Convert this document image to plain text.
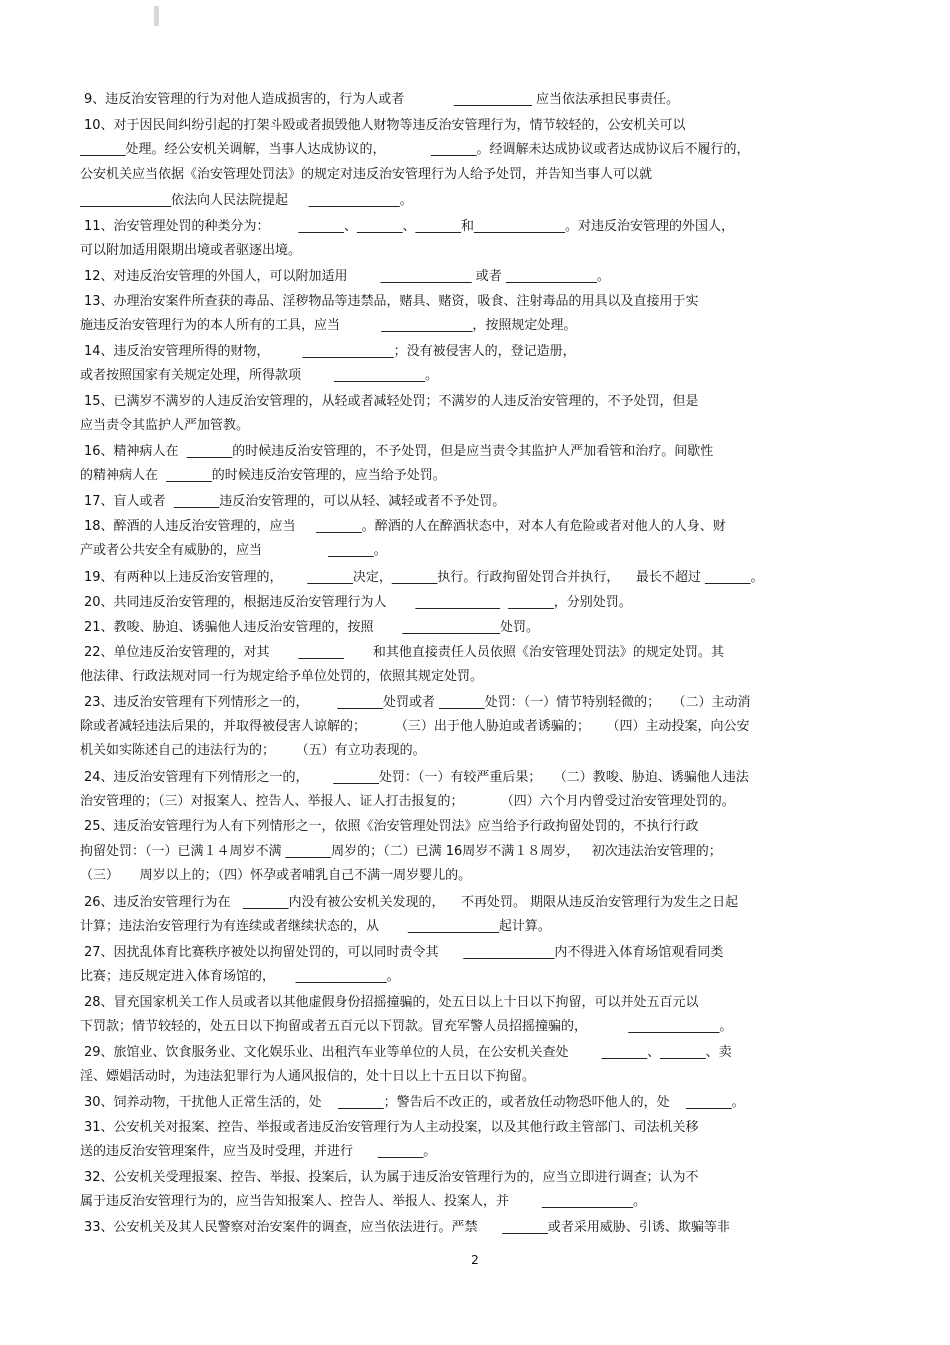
9、违反治安管理的行为对他人造成损害的，行为人或者            ____________ 应当依法承担民事责任。
10、对于因民间纠纷引起的打架斗殴或者损毁他人财物等违反治安管理行为，情节较轻的，公安机关可以
_______处理。经公安机关调解，当事人达成协议的，           _______。经调解未达成协议或者达成协议后不履行的，
公安机关应当依据《治安管理处罚法》的规定对违反治安管理行为人给予处罚，并告知当事人可以就
______________依法向人民法院提起     ______________。
11、治安管理处罚的种类分为：       _______、_______、_______和______________。对违反治安管理的外国人，
可以附加适用限期出境或者驱逐出境。
12、对违反治安管理的外国人，可以附加适用        ______________ 或者 ______________。
13、办理治安案件所查获的毒品、淫秽物品等违禁品，赌具、赌资，吸食、注射毒品的用具以及直接用于实
施违反治安管理行为的本人所有的工具，应当          ______________，按照规定处理。
14、违反治安管理所得的财物，        ______________；没有被侵害人的，登记造册，
或者按照国家有关规定处理，所得款项        ______________。
15、已满岁不满岁的人违反治安管理的，从轻或者减轻处罚；不满岁的人违反治安管理的，不予处罚，但是
应当责令其监护人严加管教。
16、精神病人在  _______的时候违反治安管理的，不予处罚，但是应当责令其监护人严加看管和治疗。间歇性
的精神病人在  _______的时候违反治安管理的，应当给予处罚。
17、盲人或者  _______违反治安管理的，可以从轻、减轻或者不予处罚。
18、醉酒的人违反治安管理的，应当     _______。醉酒的人在醉酒状态中，对本人有危险或者对他人的人身、财
产或者公共安全有威胁的，应当                _______。
19、有两种以上违反治安管理的，      _______决定，_______执行。行政拘留处罚合并执行，    最长不超过 _______。
20、共同违反治安管理的，根据违反治安管理行为人       _____________  _______，分别处罚。
21、教唆、胁迫、诱骗他人违反治安管理的，按照       _______________处罚。
22、单位违反治安管理的，对其       _______       和其他直接责任人员依照《治安管理处罚法》的规定处罚。其
他法律、行政法规对同一行为规定给予单位处罚的，依照其规定处罚。
23、违反治安管理有下列情形之一的，       _______处罚或者 _______处罚：（一）情节特别轻微的；   （二）主动消
除或者减轻违法后果的，并取得被侵害人谅解的；       （三）出于他人胁迫或者诱骗的；    （四）主动投案，向公安
机关如实陈述自己的违法行为的；     （五）有立功表现的。
24、违反治安管理有下列情形之一的，      _______处罚：（一）有较严重后果；   （二）教唆、胁迫、诱骗他人违法
治安管理的；（三）对报案人、控告人、举报人、证人打击报复的；         （四）六个月内曾受过治安管理处罚的。
25、违反治安管理行为人有下列情形之一，依照《治安管理处罚法》应当给予行政拘留处罚的，不执行行政
拘留处罚：（一）已满１４周岁不满 _______周岁的；（二）已满 16周岁不满１８周岁，   初次违法治安管理的；
（三）     周岁以上的；（四）怀孕或者哺乳自己不满一周岁婴儿的。
26、违反治安管理行为在   _______内没有被公安机关发现的，    不再处罚。 期限从违反治安管理行为发生之日起
计算；违法治安管理行为有连续或者继续状态的，从       ______________起计算。
27、因扰乱体育比赛秩序被处以拘留处罚的，可以同时责令其      ______________内不得进入体育场馆观看同类
比赛；违反规定进入体育场馆的，     ______________。
28、冒充国家机关工作人员或者以其他虚假身份招摇撞骗的，处五日以上十日以下拘留，可以并处五百元以
下罚款；情节较轻的，处五日以下拘留或者五百元以下罚款。冒充军警人员招摇撞骗的，          ______________。
29、旅馆业、饮食服务业、文化娱乐业、出租汽车业等单位的人员，在公安机关查处        _______、_______、卖
淫、嫖娼活动时，为违法犯罪行为人通风报信的，处十日以上十五日以下拘留。
30、饲养动物，干扰他人正常生活的，处    _______；警告后不改正的，或者放任动物恐吓他人的，处    _______。
31、公安机关对报案、控告、举报或者违反治安管理行为人主动投案，以及其他行政主管部门、司法机关移
送的违反治安管理案件，应当及时受理，并进行      _______。
32、公安机关受理报案、控告、举报、投案后，认为属于违反治安管理行为的，应当立即进行调查；认为不
属于违反治安管理行为的，应当告知报案人、控告人、举报人、投案人，并        ______________。
33、公安机关及其人民警察对治安案件的调查，应当依法进行。严禁      _______或者采用威胁、引诱、欺骗等非
2
